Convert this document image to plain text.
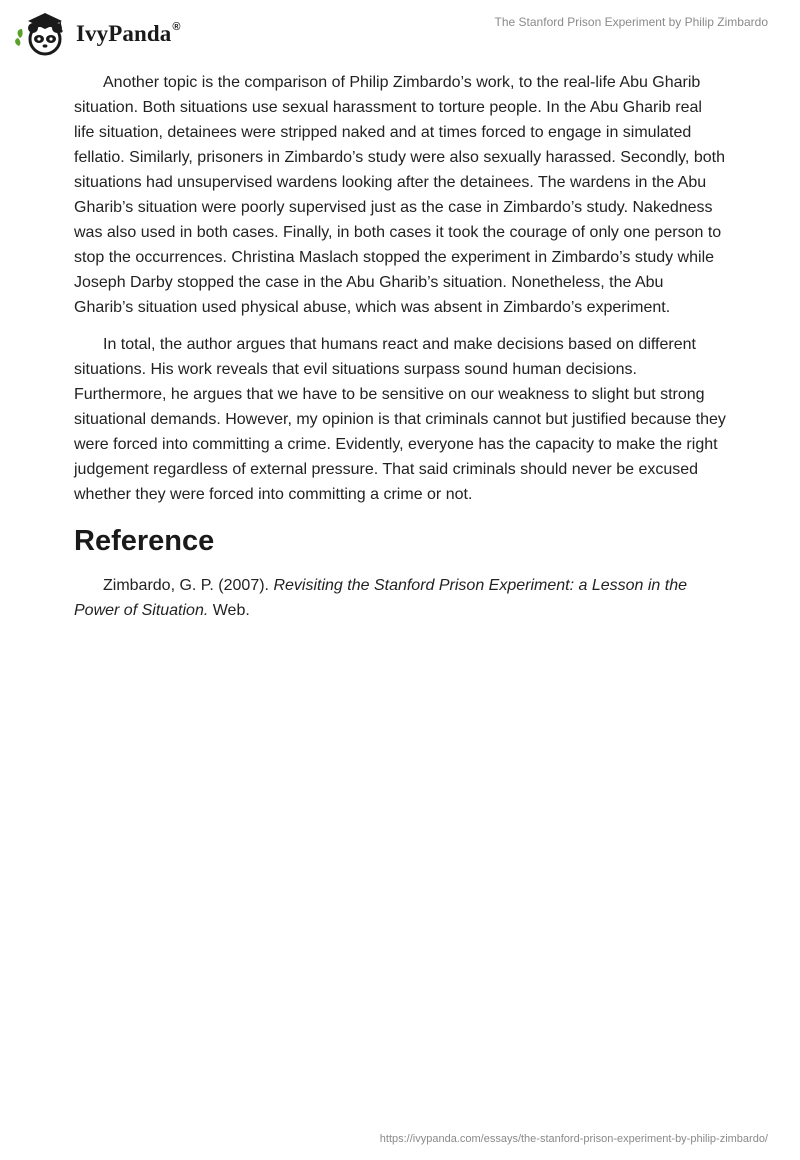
IvyPanda®	The Stanford Prison Experiment by Philip Zimbardo

Another topic is the comparison of Philip Zimbardo’s work, to the real-life Abu Gharib situation. Both situations use sexual harassment to torture people. In the Abu Gharib real life situation, detainees were stripped naked and at times forced to engage in simulated fellatio. Similarly, prisoners in Zimbardo’s study were also sexually harassed. Secondly, both situations had unsupervised wardens looking after the detainees. The wardens in the Abu Gharib’s situation were poorly supervised just as the case in Zimbardo’s study. Nakedness was also used in both cases. Finally, in both cases it took the courage of only one person to stop the occurrences. Christina Maslach stopped the experiment in Zimbardo’s study while Joseph Darby stopped the case in the Abu Gharib’s situation. Nonetheless, the Abu Gharib’s situation used physical abuse, which was absent in Zimbardo’s experiment.

In total, the author argues that humans react and make decisions based on different situations. His work reveals that evil situations surpass sound human decisions. Furthermore, he argues that we have to be sensitive on our weakness to slight but strong situational demands. However, my opinion is that criminals cannot but justified because they were forced into committing a crime. Evidently, everyone has the capacity to make the right judgement regardless of external pressure. That said criminals should never be excused whether they were forced into committing a crime or not.

Reference

Zimbardo, G. P. (2007). Revisiting the Stanford Prison Experiment: a Lesson in the Power of Situation. Web.

https://ivypanda.com/essays/the-stanford-prison-experiment-by-philip-zimbardo/
